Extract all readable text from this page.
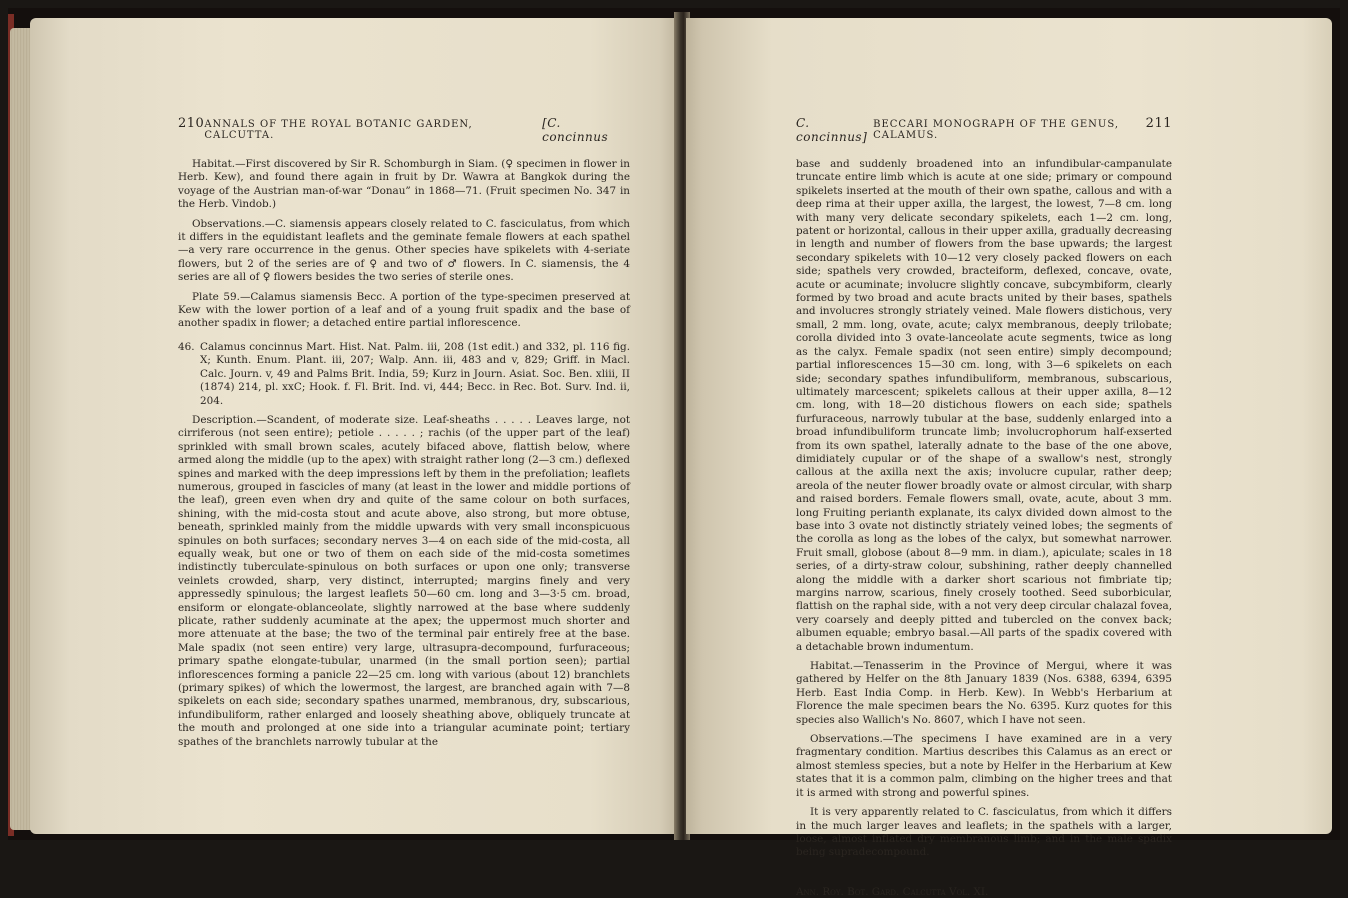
210 ANNALS OF THE ROYAL BOTANIC GARDEN, CALCUTTA.
[C. concinnus

Habitat.—First discovered by Sir R. Schomburgh in Siam. (♀ specimen in flower in Herb. Kew), and found there again in fruit by Dr. Wawra at Bangkok during the voyage of the Austrian man-of-war “Donau” in 1868—71. (Fruit specimen No. 347 in the Herb. Vindob.)

Observations.—C. siamensis appears closely related to C. fasciculatus, from which it differs in the equidistant leaflets and the geminate female flowers at each spathel—a very rare occurrence in the genus. Other species have spikelets with 4-seriate flowers, but 2 of the series are of ♀ and two of ♂ flowers. In C. siamensis, the 4 series are all of ♀ flowers besides the two series of sterile ones.

Plate 59.—Calamus siamensis Becc. A portion of the type-specimen preserved at Kew with the lower portion of a leaf and of a young fruit spadix and the base of another spadix in flower; a detached entire partial inflorescence.

46. Calamus concinnus Mart. Hist. Nat. Palm. iii, 208 (1st edit.) and 332, pl. 116 fig. X; Kunth. Enum. Plant. iii, 207; Walp. Ann. iii, 483 and v, 829; Griff. in Macl. Calc. Journ. v, 49 and Palms Brit. India, 59; Kurz in Journ. Asiat. Soc. Ben. xliii, II (1874) 214, pl. xxC; Hook. f. Fl. Brit. Ind. vi, 444; Becc. in Rec. Bot. Surv. Ind. ii, 204.

Description.—Scandent, of moderate size. Leaf-sheaths . . . . . Leaves large, not cirriferous (not seen entire); petiole . . . . . ; rachis (of the upper part of the leaf) sprinkled with small brown scales, acutely bifaced above, flattish below, where armed along the middle (up to the apex) with straight rather long (2—3 cm.) deflexed spines and marked with the deep impressions left by them in the prefoliation; leaflets numerous, grouped in fascicles of many (at least in the lower and middle portions of the leaf), green even when dry and quite of the same colour on both surfaces, shining, with the mid-costa stout and acute above, also strong, but more obtuse, beneath, sprinkled mainly from the middle upwards with very small inconspicuous spinules on both surfaces; secondary nerves 3—4 on each side of the mid-costa, all equally weak, but one or two of them on each side of the mid-costa sometimes indistinctly tuberculate-spinulous on both surfaces or upon one only; transverse veinlets crowded, sharp, very distinct, interrupted; margins finely and very appressedly spinulous; the largest leaflets 50—60 cm. long and 3—3·5 cm. broad, ensiform or elongate-oblanceolate, slightly narrowed at the base where suddenly plicate, rather suddenly acuminate at the apex; the uppermost much shorter and more attenuate at the base; the two of the terminal pair entirely free at the base. Male spadix (not seen entire) very large, ultrasupra-decompound, furfuraceous; primary spathe elongate-tubular, unarmed (in the small portion seen); partial inflorescences forming a panicle 22—25 cm. long with various (about 12) branchlets (primary spikes) of which the lowermost, the largest, are branched again with 7—8 spikelets on each side; secondary spathes unarmed, membranous, dry, subscarious, infundibuliform, rather enlarged and loosely sheathing above, obliquely truncate at the mouth and prolonged at one side into a triangular acuminate point; tertiary spathes of the branchlets narrowly tubular at the

C. concinnus]
BECCARI MONOGRAPH OF THE GENUS, CALAMUS.
211

base and suddenly broadened into an infundibular-campanulate truncate entire limb which is acute at one side; primary or compound spikelets inserted at the mouth of their own spathe, callous and with a deep rima at their upper axilla, the largest, the lowest, 7—8 cm. long with many very delicate secondary spikelets, each 1—2 cm. long, patent or horizontal, callous in their upper axilla, gradually decreasing in length and number of flowers from the base upwards; the largest secondary spikelets with 10—12 very closely packed flowers on each side; spathels very crowded, bracteiform, deflexed, concave, ovate, acute or acuminate; involucre slightly concave, subcymbiform, clearly formed by two broad and acute bracts united by their bases, spathels and involucres strongly striately veined. Male flowers distichous, very small, 2 mm. long, ovate, acute; calyx membranous, deeply trilobate; corolla divided into 3 ovate-lanceolate acute segments, twice as long as the calyx. Female spadix (not seen entire) simply decompound; partial inflorescences 15—30 cm. long, with 3—6 spikelets on each side; secondary spathes infundibuliform, membranous, subscarious, ultimately marcescent; spikelets callous at their upper axilla, 8—12 cm. long, with 18—20 distichous flowers on each side; spathels furfuraceous, narrowly tubular at the base, suddenly enlarged into a broad infundibuliform truncate limb; involucrophorum half-exserted from its own spathel, laterally adnate to the base of the one above, dimidiately cupular or of the shape of a swallow's nest, strongly callous at the axilla next the axis; involucre cupular, rather deep; areola of the neuter flower broadly ovate or almost circular, with sharp and raised borders. Female flowers small, ovate, acute, about 3 mm. long Fruiting perianth explanate, its calyx divided down almost to the base into 3 ovate not distinctly striately veined lobes; the segments of the corolla as long as the lobes of the calyx, but somewhat narrower. Fruit small, globose (about 8—9 mm. in diam.), apiculate; scales in 18 series, of a dirty-straw colour, subshining, rather deeply channelled along the middle with a darker short scarious not fimbriate tip; margins narrow, scarious, finely crosely toothed. Seed suborbicular, flattish on the raphal side, with a not very deep circular chalazal fovea, very coarsely and deeply pitted and tubercled on the convex back; albumen equable; embryo basal.—All parts of the spadix covered with a detachable brown indumentum.

Habitat.—Tenasserim in the Province of Mergui, where it was gathered by Helfer on the 8th January 1839 (Nos. 6388, 6394, 6395 Herb. East India Comp. in Herb. Kew). In Webb's Herbarium at Florence the male specimen bears the No. 6395. Kurz quotes for this species also Wallich's No. 8607, which I have not seen.

Observations.—The specimens I have examined are in a very fragmentary condition. Martius describes this Calamus as an erect or almost stemless species, but a note by Helfer in the Herbarium at Kew states that it is a common palm, climbing on the higher trees and that it is armed with strong and powerful spines.

It is very apparently related to C. fasciculatus, from which it differs in the much larger leaves and leaflets; in the spathels with a larger, loose, almost inflated dry membranous limb; and in the male spadix being supradecompound.

Ann. Roy. Bot. Gard. Calcutta Vol. XI.
